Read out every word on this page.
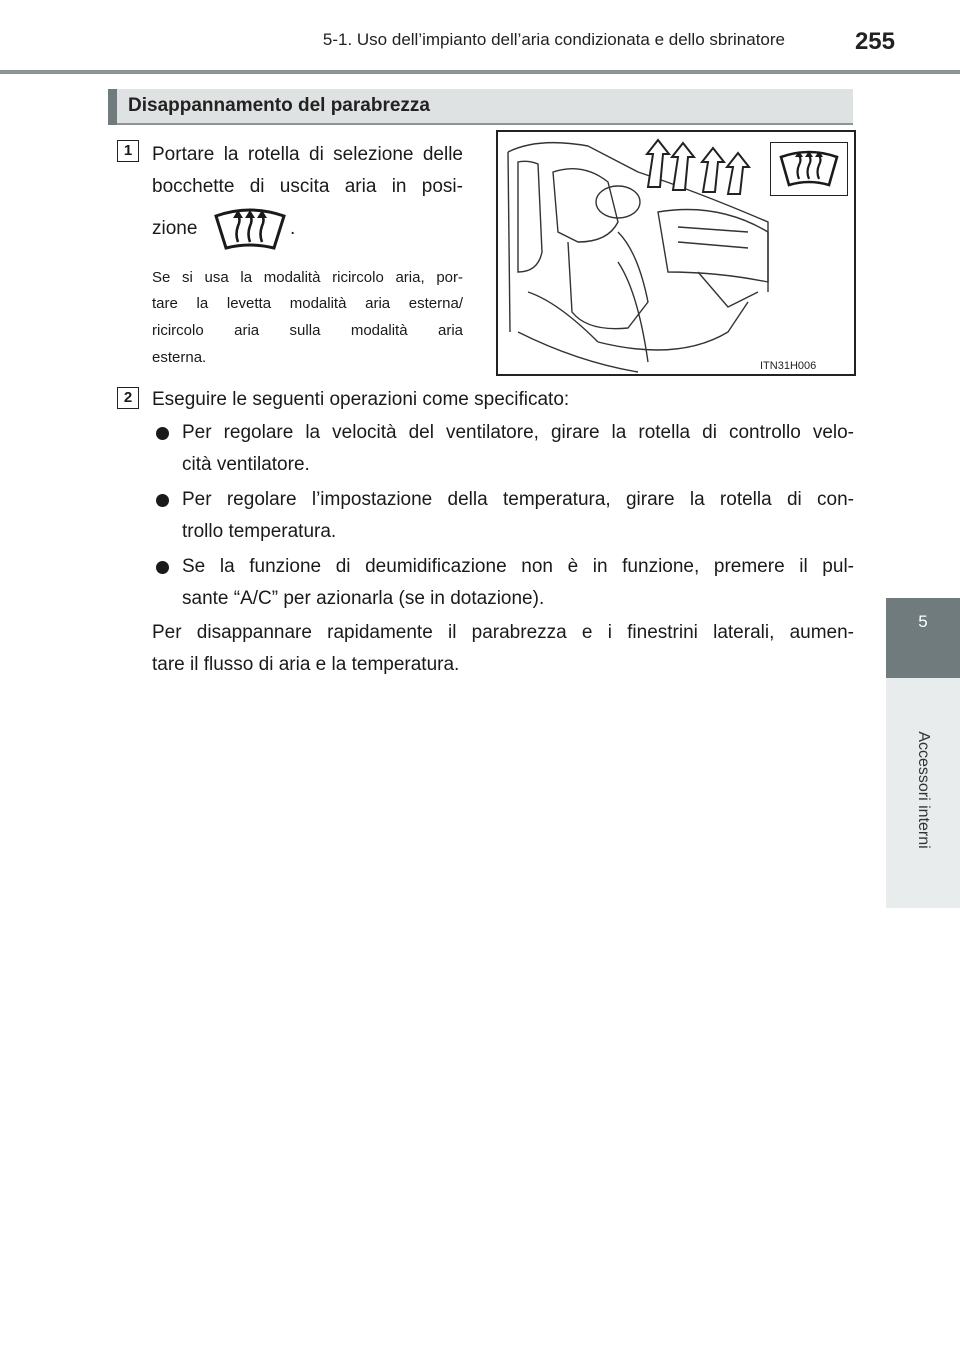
5-1. Uso dell’impianto dell’aria condizionata e dello sbrinatore	255
5
Accessori interni
Disappannamento del parabrezza
1	Portare la rotella di selezione delle
bocchette di uscita aria in posi-
zione	.
Se si usa la modalità ricircolo aria, por-
tare la levetta modalità aria esterna/
ricircolo aria sulla modalità aria
esterna.	ITN31H006
2	Eseguire le seguenti operazioni come specificato:
Per regolare la velocità del ventilatore, girare la rotella di controllo velo-
cità ventilatore.
Per regolare l’impostazione della temperatura, girare la rotella di con-
trollo temperatura.
Se la funzione di deumidificazione non è in funzione, premere il pul-
sante “A/C” per azionarla (se in dotazione).
Per disappannare rapidamente il parabrezza e i finestrini laterali, aumen-
tare il flusso di aria e la temperatura.
